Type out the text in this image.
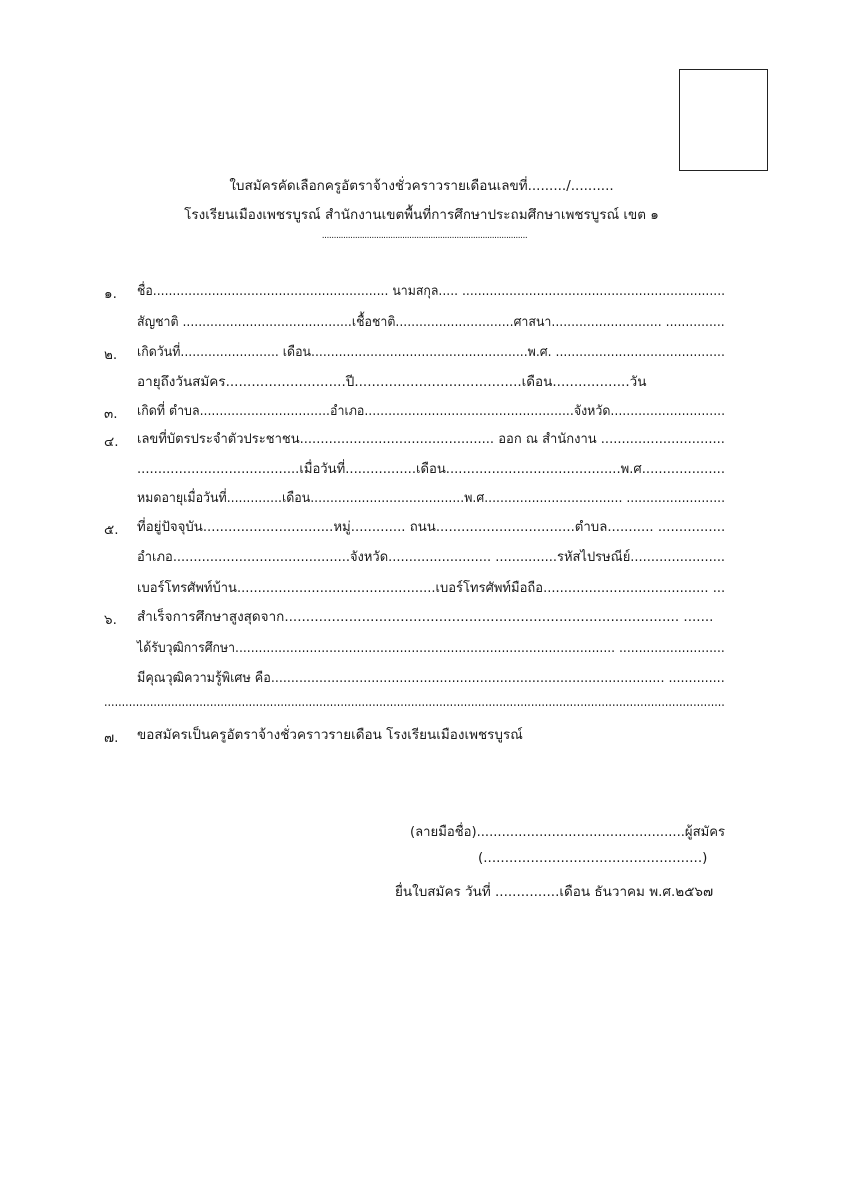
ใบสมัครคัดเลือกครูอัตราจ้างชั่วคราวรายเดือนเลขที่........./..........
โรงเรียนเมืองเพชรบูรณ์ สำนักงานเขตพื้นที่การศึกษาประถมศึกษาเพชรบูรณ์ เขต ๑
.......................................................................................
๑. ชื่อ............................................................ นามสกุล..... ...................................................................
สัญชาติ ...........................................เชื้อชาติ..............................ศาสนา............................ ...............
๒. เกิดวันที่......................... เดือน.......................................................พ.ศ. ...........................................
อายุถึงวันสมัคร............................ปี.......................................เดือน..................วัน
๓. เกิดที่ ตำบล.................................อำเภอ.....................................................จังหวัด.............................
๔. เลขที่บัตรประจำตัวประชาชน............................................... ออก ณ สำนักงาน ..............................
.......................................เมื่อวันที่.................เดือน..........................................พ.ศ....................
หมดอายุเมื่อวันที่..............เดือน.......................................พ.ศ................................... .........................
๕. ที่อยู่ปัจจุบัน...............................หมู่............. ถนน.................................ตำบล........... ................
อำเภอ...........................................จังหวัด......................... ...............รหัสไปรษณีย์.......................
เบอร์โทรศัพท์บ้าน................................................เบอร์โทรศัพท์มือถือ........................................ ...
๖. สำเร็จการศึกษาสูงสุดจาก............................................................................................ .......
ได้รับวุฒิการศึกษา................................................................................................. ...........................
มีคุณวุฒิความรู้พิเศษ คือ.................................................................................................. ..............
................................................................................................................................................................................
๗. ขอสมัครเป็นครูอัตราจ้างชั่วคราวรายเดือน โรงเรียนเมืองเพชรบูรณ์
(ลายมือชื่อ)..................................................ผู้สมัคร
(...................................................)
ยื่นใบสมัคร วันที่ ...............เดือน ธันวาคม พ.ศ.๒๕๖๗
